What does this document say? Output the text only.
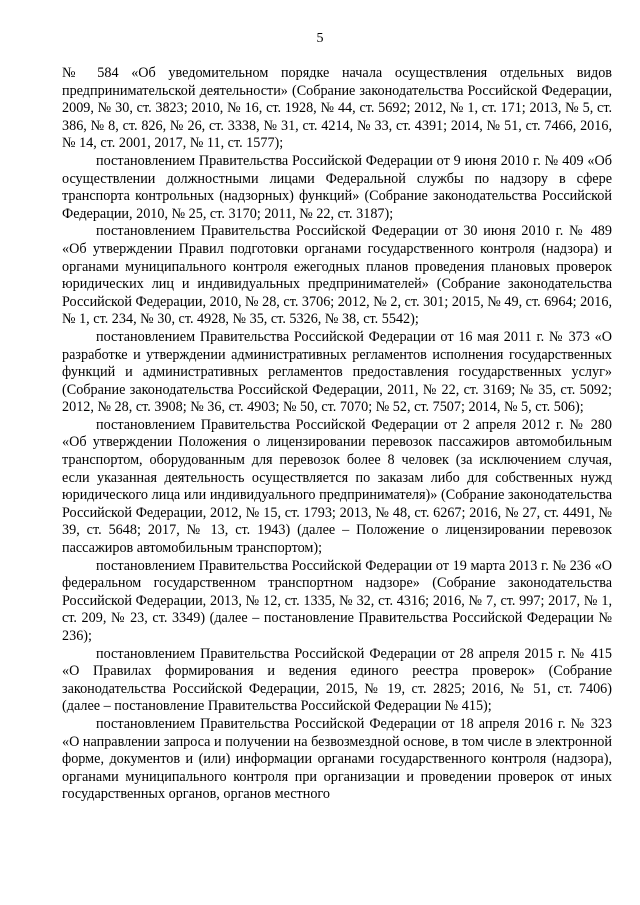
5

№ 584 «Об уведомительном порядке начала осуществления отдельных видов предпринимательской деятельности» (Собрание законодательства Российской Федерации, 2009, № 30, ст. 3823; 2010, № 16, ст. 1928, № 44, ст. 5692; 2012, № 1, ст. 171; 2013, № 5, ст. 386, № 8, ст. 826, № 26, ст. 3338, № 31, ст. 4214, № 33, ст. 4391; 2014, № 51, ст. 7466, 2016, № 14, ст. 2001, 2017, № 11, ст. 1577);

постановлением Правительства Российской Федерации от 9 июня 2010 г. № 409 «Об осуществлении должностными лицами Федеральной службы по надзору в сфере транспорта контрольных (надзорных) функций» (Собрание законодательства Российской Федерации, 2010, № 25, ст. 3170; 2011, № 22, ст. 3187);

постановлением Правительства Российской Федерации от 30 июня 2010 г. № 489 «Об утверждении Правил подготовки органами государственного контроля (надзора) и органами муниципального контроля ежегодных планов проведения плановых проверок юридических лиц и индивидуальных предпринимателей» (Собрание законодательства Российской Федерации, 2010, № 28, ст. 3706; 2012, № 2, ст. 301; 2015, № 49, ст. 6964; 2016, № 1, ст. 234, № 30, ст. 4928, № 35, ст. 5326, № 38, ст. 5542);

постановлением Правительства Российской Федерации от 16 мая 2011 г. № 373 «О разработке и утверждении административных регламентов исполнения государственных функций и административных регламентов предоставления государственных услуг» (Собрание законодательства Российской Федерации, 2011, № 22, ст. 3169; № 35, ст. 5092; 2012, № 28, ст. 3908; № 36, ст. 4903; № 50, ст. 7070; № 52, ст. 7507; 2014, № 5, ст. 506);

постановлением Правительства Российской Федерации от 2 апреля 2012 г. № 280 «Об утверждении Положения о лицензировании перевозок пассажиров автомобильным транспортом, оборудованным для перевозок более 8 человек (за исключением случая, если указанная деятельность осуществляется по заказам либо для собственных нужд юридического лица или индивидуального предпринимателя)» (Собрание законодательства Российской Федерации, 2012, № 15, ст. 1793; 2013, № 48, ст. 6267; 2016, № 27, ст. 4491, № 39, ст. 5648; 2017, № 13, ст. 1943) (далее – Положение о лицензировании перевозок пассажиров автомобильным транспортом);

постановлением Правительства Российской Федерации от 19 марта 2013 г. № 236 «О федеральном государственном транспортном надзоре» (Собрание законодательства Российской Федерации, 2013, № 12, ст. 1335, № 32, ст. 4316; 2016, № 7, ст. 997; 2017, № 1, ст. 209, № 23, ст. 3349) (далее – постановление Правительства Российской Федерации № 236);

постановлением Правительства Российской Федерации от 28 апреля 2015 г. № 415 «О Правилах формирования и ведения единого реестра проверок» (Собрание законодательства Российской Федерации, 2015, № 19, ст. 2825; 2016, № 51, ст. 7406) (далее – постановление Правительства Российской Федерации № 415);

постановлением Правительства Российской Федерации от 18 апреля 2016 г. № 323 «О направлении запроса и получении на безвозмездной основе, в том числе в электронной форме, документов и (или) информации органами государственного контроля (надзора), органами муниципального контроля при организации и проведении проверок от иных государственных органов, органов местного
